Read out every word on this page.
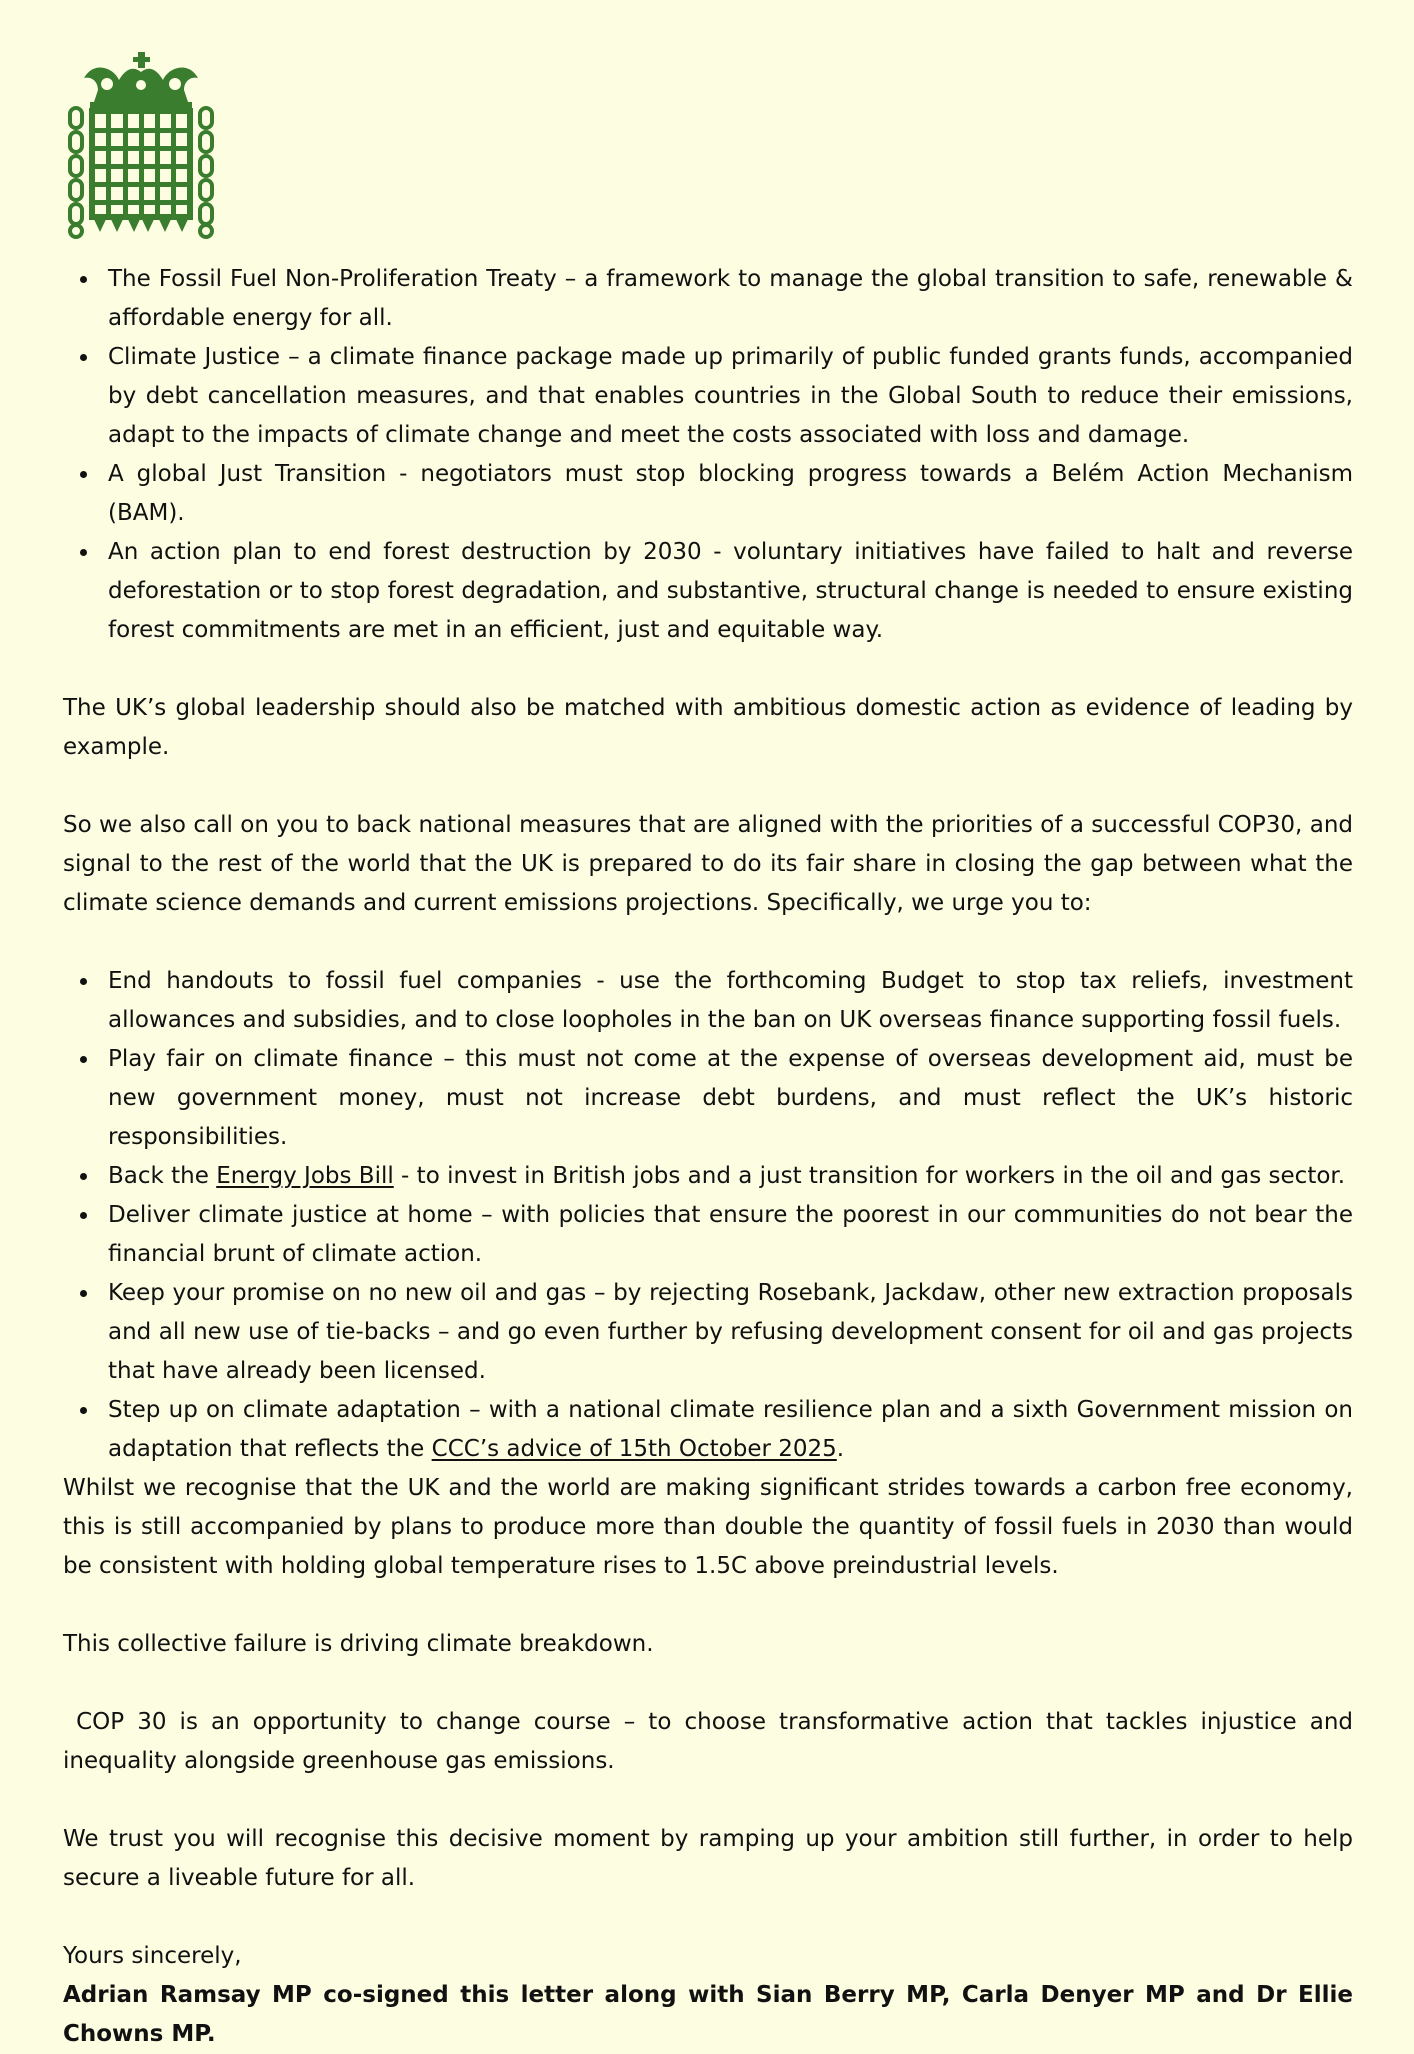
The Fossil Fuel Non-Proliferation Treaty – a framework to manage the global transition to safe, renewable & affordable energy for all.
Climate Justice – a climate finance package made up primarily of public funded grants funds, accompanied by debt cancellation measures, and that enables countries in the Global South to reduce their emissions, adapt to the impacts of climate change and meet the costs associated with loss and damage.
A global Just Transition - negotiators must stop blocking progress towards a Belém Action Mechanism (BAM).
An action plan to end forest destruction by 2030 - voluntary initiatives have failed to halt and reverse deforestation or to stop forest degradation, and substantive, structural change is needed to ensure existing forest commitments are met in an efficient, just and equitable way.

The UK’s global leadership should also be matched with ambitious domestic action as evidence of leading by example.

So we also call on you to back national measures that are aligned with the priorities of a successful COP30, and signal to the rest of the world that the UK is prepared to do its fair share in closing the gap between what the climate science demands and current emissions projections. Specifically, we urge you to:

End handouts to fossil fuel companies - use the forthcoming Budget to stop tax reliefs, investment allowances and subsidies, and to close loopholes in the ban on UK overseas finance supporting fossil fuels.
Play fair on climate finance – this must not come at the expense of overseas development aid, must be new government money, must not increase debt burdens, and must reflect the UK’s historic responsibilities.
Back the Energy Jobs Bill - to invest in British jobs and a just transition for workers in the oil and gas sector.
Deliver climate justice at home – with policies that ensure the poorest in our communities do not bear the financial brunt of climate action.
Keep your promise on no new oil and gas – by rejecting Rosebank, Jackdaw, other new extraction proposals and all new use of tie-backs – and go even further by refusing development consent for oil and gas projects that have already been licensed.
Step up on climate adaptation – with a national climate resilience plan and a sixth Government mission on adaptation that reflects the CCC’s advice of 15th October 2025.

Whilst we recognise that the UK and the world are making significant strides towards a carbon free economy, this is still accompanied by plans to produce more than double the quantity of fossil fuels in 2030 than would be consistent with holding global temperature rises to 1.5C above preindustrial levels.

This collective failure is driving climate breakdown.

COP 30 is an opportunity to change course – to choose transformative action that tackles injustice and inequality alongside greenhouse gas emissions.

We trust you will recognise this decisive moment by ramping up your ambition still further, in order to help secure a liveable future for all.

Yours sincerely,

Adrian Ramsay MP co-signed this letter along with Sian Berry MP, Carla Denyer MP and Dr Ellie Chowns MP.
